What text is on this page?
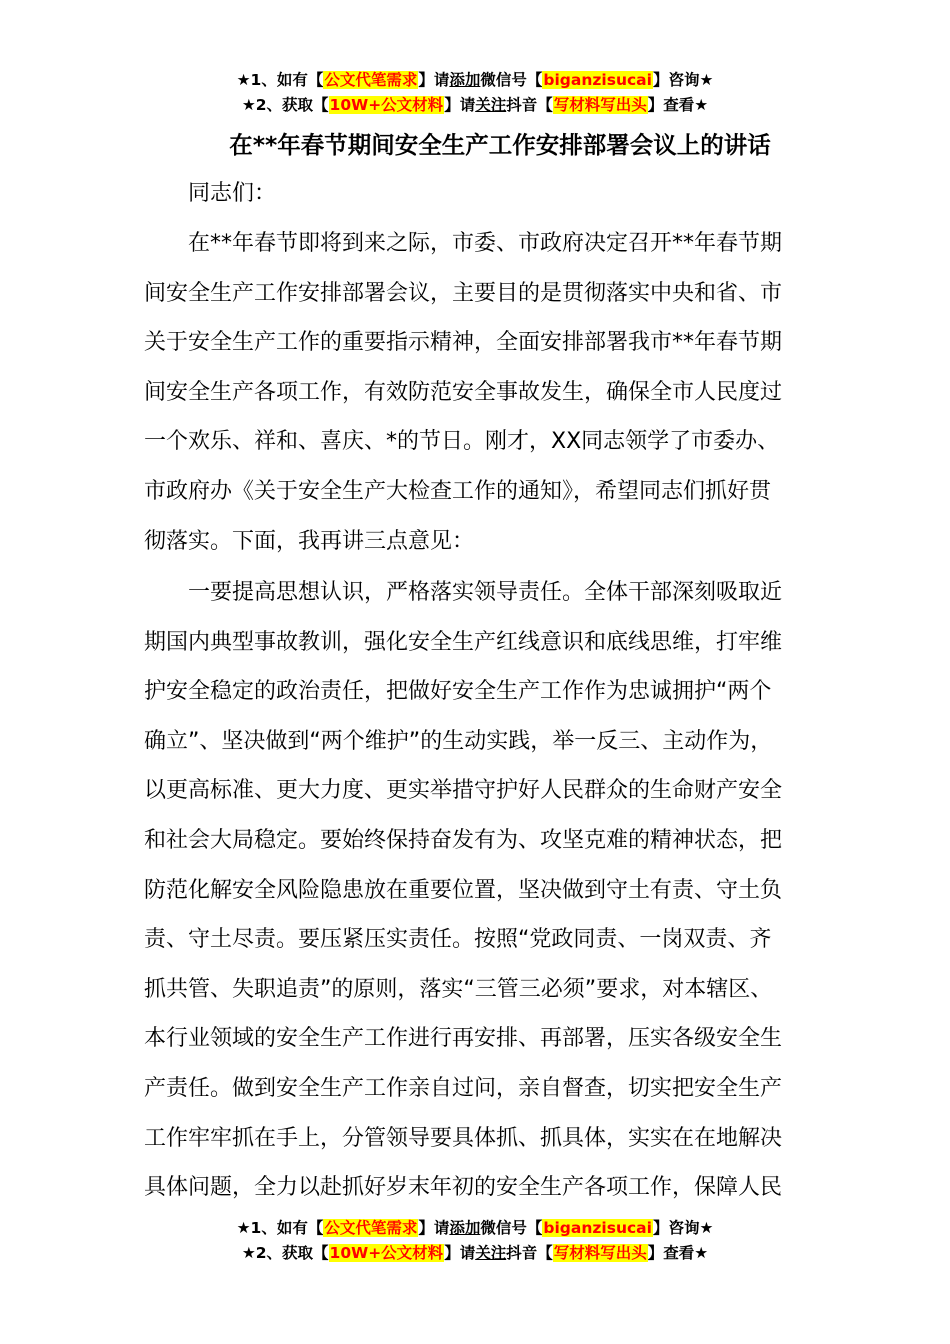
★1、如有【公文代笔需求】请添加微信号【biganzisucai】咨询★
★2、获取【10W+公文材料】请关注抖音【写材料写出头】查看★
在**年春节期间安全生产工作安排部署会议上的讲话
同志们：
在**年春节即将到来之际，市委、市政府决定召开**年春节期
间安全生产工作安排部署会议，主要目的是贯彻落实中央和省、市
关于安全生产工作的重要指示精神，全面安排部署我市**年春节期
间安全生产各项工作，有效防范安全事故发生，确保全市人民度过
一个欢乐、祥和、喜庆、*的节日。刚才，XX同志领学了市委办、
市政府办《关于安全生产大检查工作的通知》，希望同志们抓好贯
彻落实。下面，我再讲三点意见：
一要提高思想认识，严格落实领导责任。全体干部深刻吸取近
期国内典型事故教训，强化安全生产红线意识和底线思维，打牢维
护安全稳定的政治责任，把做好安全生产工作作为忠诚拥护“两个
确立”、坚决做到“两个维护”的生动实践，举一反三、主动作为，
以更高标准、更大力度、更实举措守护好人民群众的生命财产安全
和社会大局稳定。要始终保持奋发有为、攻坚克难的精神状态，把
防范化解安全风险隐患放在重要位置，坚决做到守土有责、守土负
责、守土尽责。要压紧压实责任。按照“党政同责、一岗双责、齐
抓共管、失职追责”的原则，落实“三管三必须”要求，对本辖区、
本行业领域的安全生产工作进行再安排、再部署，压实各级安全生
产责任。做到安全生产工作亲自过问，亲自督查，切实把安全生产
工作牢牢抓在手上，分管领导要具体抓、抓具体，实实在在地解决
具体问题，全力以赴抓好岁末年初的安全生产各项工作，保障人民
★1、如有【公文代笔需求】请添加微信号【biganzisucai】咨询★
★2、获取【10W+公文材料】请关注抖音【写材料写出头】查看★
